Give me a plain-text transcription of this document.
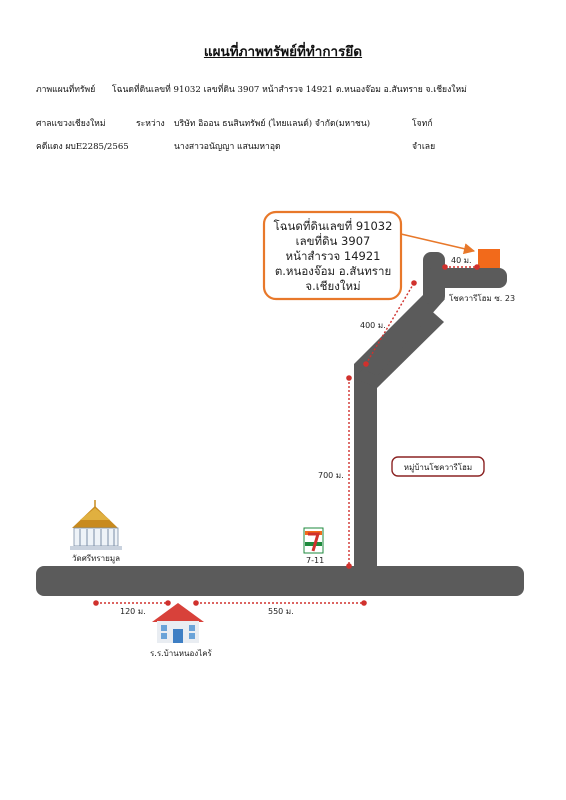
แผนที่ภาพทรัพย์ที่ทำการยึด
ภาพแผนที่ทรัพย์ โฉนดที่ดินเลขที่ 91032 เลขที่ดิน 3907 หน้าสำรวจ 14921 ต.หนองจ๊อม อ.สันทราย จ.เชียงใหม่
ศาลแขวงเชียงใหม่	ระหว่าง บริษัท อิออน ธนสินทรัพย์ (ไทยแลนด์) จำกัด(มหาชน)	โจทก์
คดีแดง ผบE2285/2565	นางสาวอนัญญา แสนมหาอุด	จำเลย
โฉนดที่ดินเลขที่ 91032
เลขที่ดิน 3907
หน้าสำรวจ 14921
ต.หนองจ๊อม อ.สันทราย
จ.เชียงใหม่
40 ม.
400 ม.
700 ม.
120 ม.	550 ม.
โชควารีโฮม ซ. 23
หมู่บ้านโชควารีโฮม
7-11
วัดศรีทรายมูล
ร.ร.บ้านหนองไคร้
